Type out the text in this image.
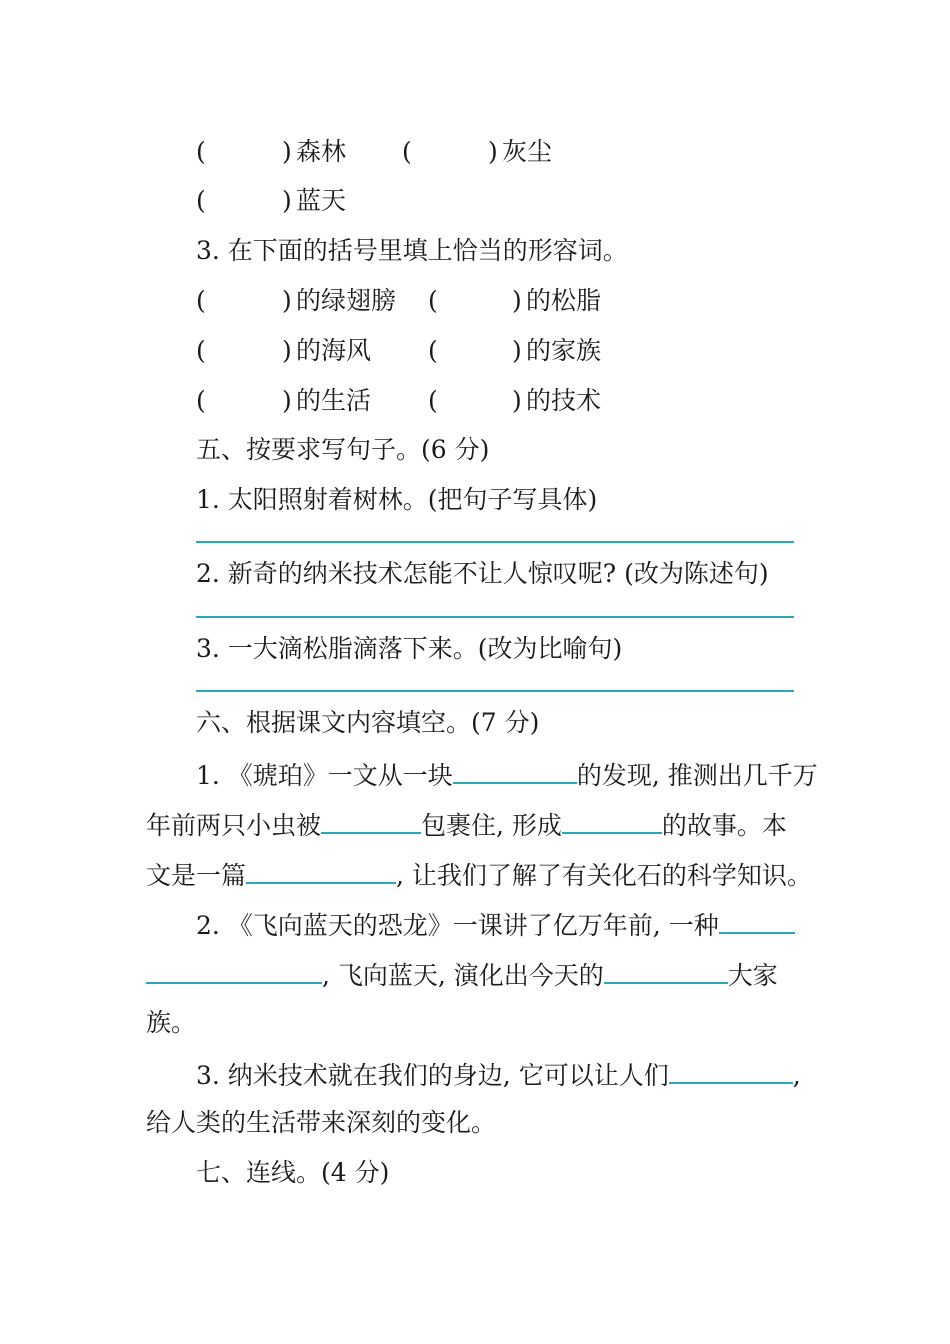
(	) 森林 (	) 灰尘
(	) 蓝天
3. 在下面的括号里填上恰当的形容词。
(	) 的绿翅膀 (	) 的松脂
(	) 的海风 (	) 的家族
(	) 的生活 (	) 的技术
五、按要求写句子。(6 分)
1. 太阳照射着树林。(把句子写具体)
2. 新奇的纳米技术怎能不让人惊叹呢? (改为陈述句)
3. 一大滴松脂滴落下来。(改为比喻句)
六、根据课文内容填空。(7 分)
1. 《琥珀》一文从一块	的发现, 推测出几千万
年前两只小虫被	包裹住, 形成	的故事。本
文是一篇	, 让我们了解了有关化石的科学知识。
2. 《飞向蓝天的恐龙》一课讲了亿万年前, 一种
, 飞向蓝天, 演化出今天的	大家
族。
3. 纳米技术就在我们的身边, 它可以让人们	,
给人类的生活带来深刻的变化。
七、连线。(4 分)
